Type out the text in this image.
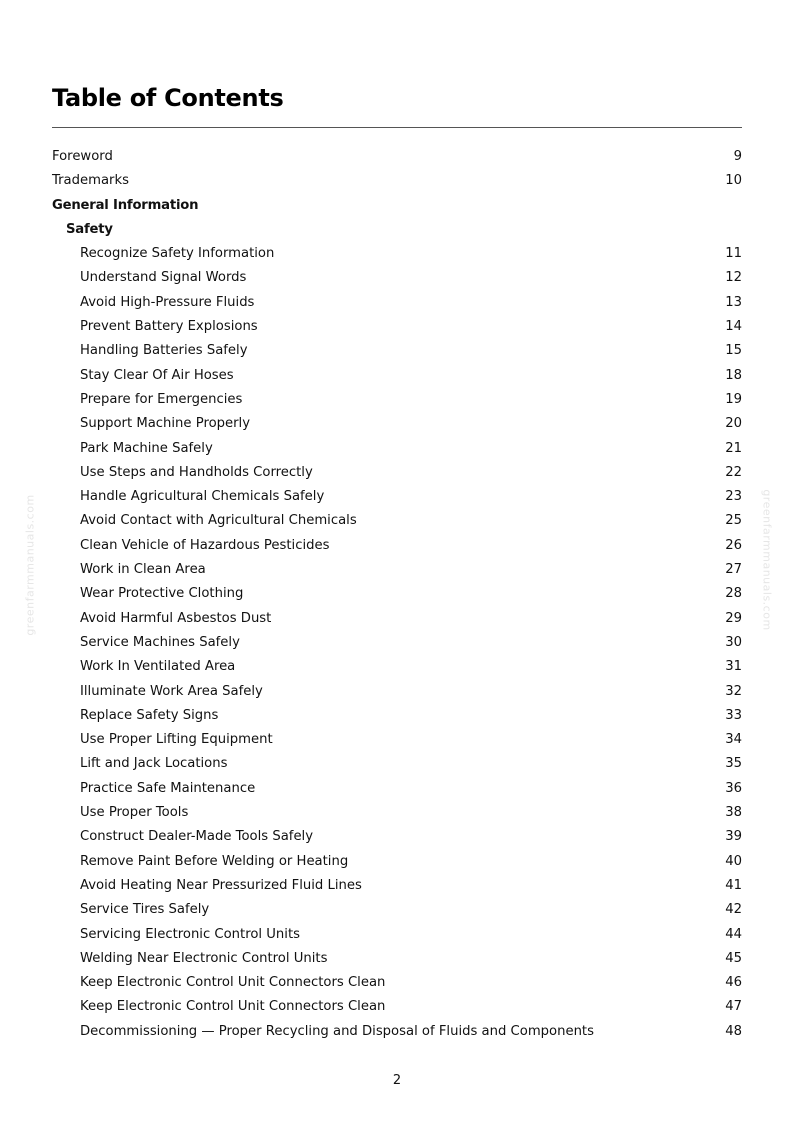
Table of Contents
Foreword	9
Trademarks	10
General Information
Safety
Recognize Safety Information	11
Understand Signal Words	12
Avoid High-Pressure Fluids	13
Prevent Battery Explosions	14
Handling Batteries Safely	15
Stay Clear Of Air Hoses	18
Prepare for Emergencies	19
Support Machine Properly	20
Park Machine Safely	21
Use Steps and Handholds Correctly	22
Handle Agricultural Chemicals Safely	23
Avoid Contact with Agricultural Chemicals	25
Clean Vehicle of Hazardous Pesticides	26
Work in Clean Area	27
Wear Protective Clothing	28
Avoid Harmful Asbestos Dust	29
Service Machines Safely	30
Work In Ventilated Area	31
Illuminate Work Area Safely	32
Replace Safety Signs	33
Use Proper Lifting Equipment	34
Lift and Jack Locations	35
Practice Safe Maintenance	36
Use Proper Tools	38
Construct Dealer-Made Tools Safely	39
Remove Paint Before Welding or Heating	40
Avoid Heating Near Pressurized Fluid Lines	41
Service Tires Safely	42
Servicing Electronic Control Units	44
Welding Near Electronic Control Units	45
Keep Electronic Control Unit Connectors Clean	46
Keep Electronic Control Unit Connectors Clean	47
Decommissioning — Proper Recycling and Disposal of Fluids and Components	48
2
greenfarmmanuals.com	greenfarmmanuals.com
